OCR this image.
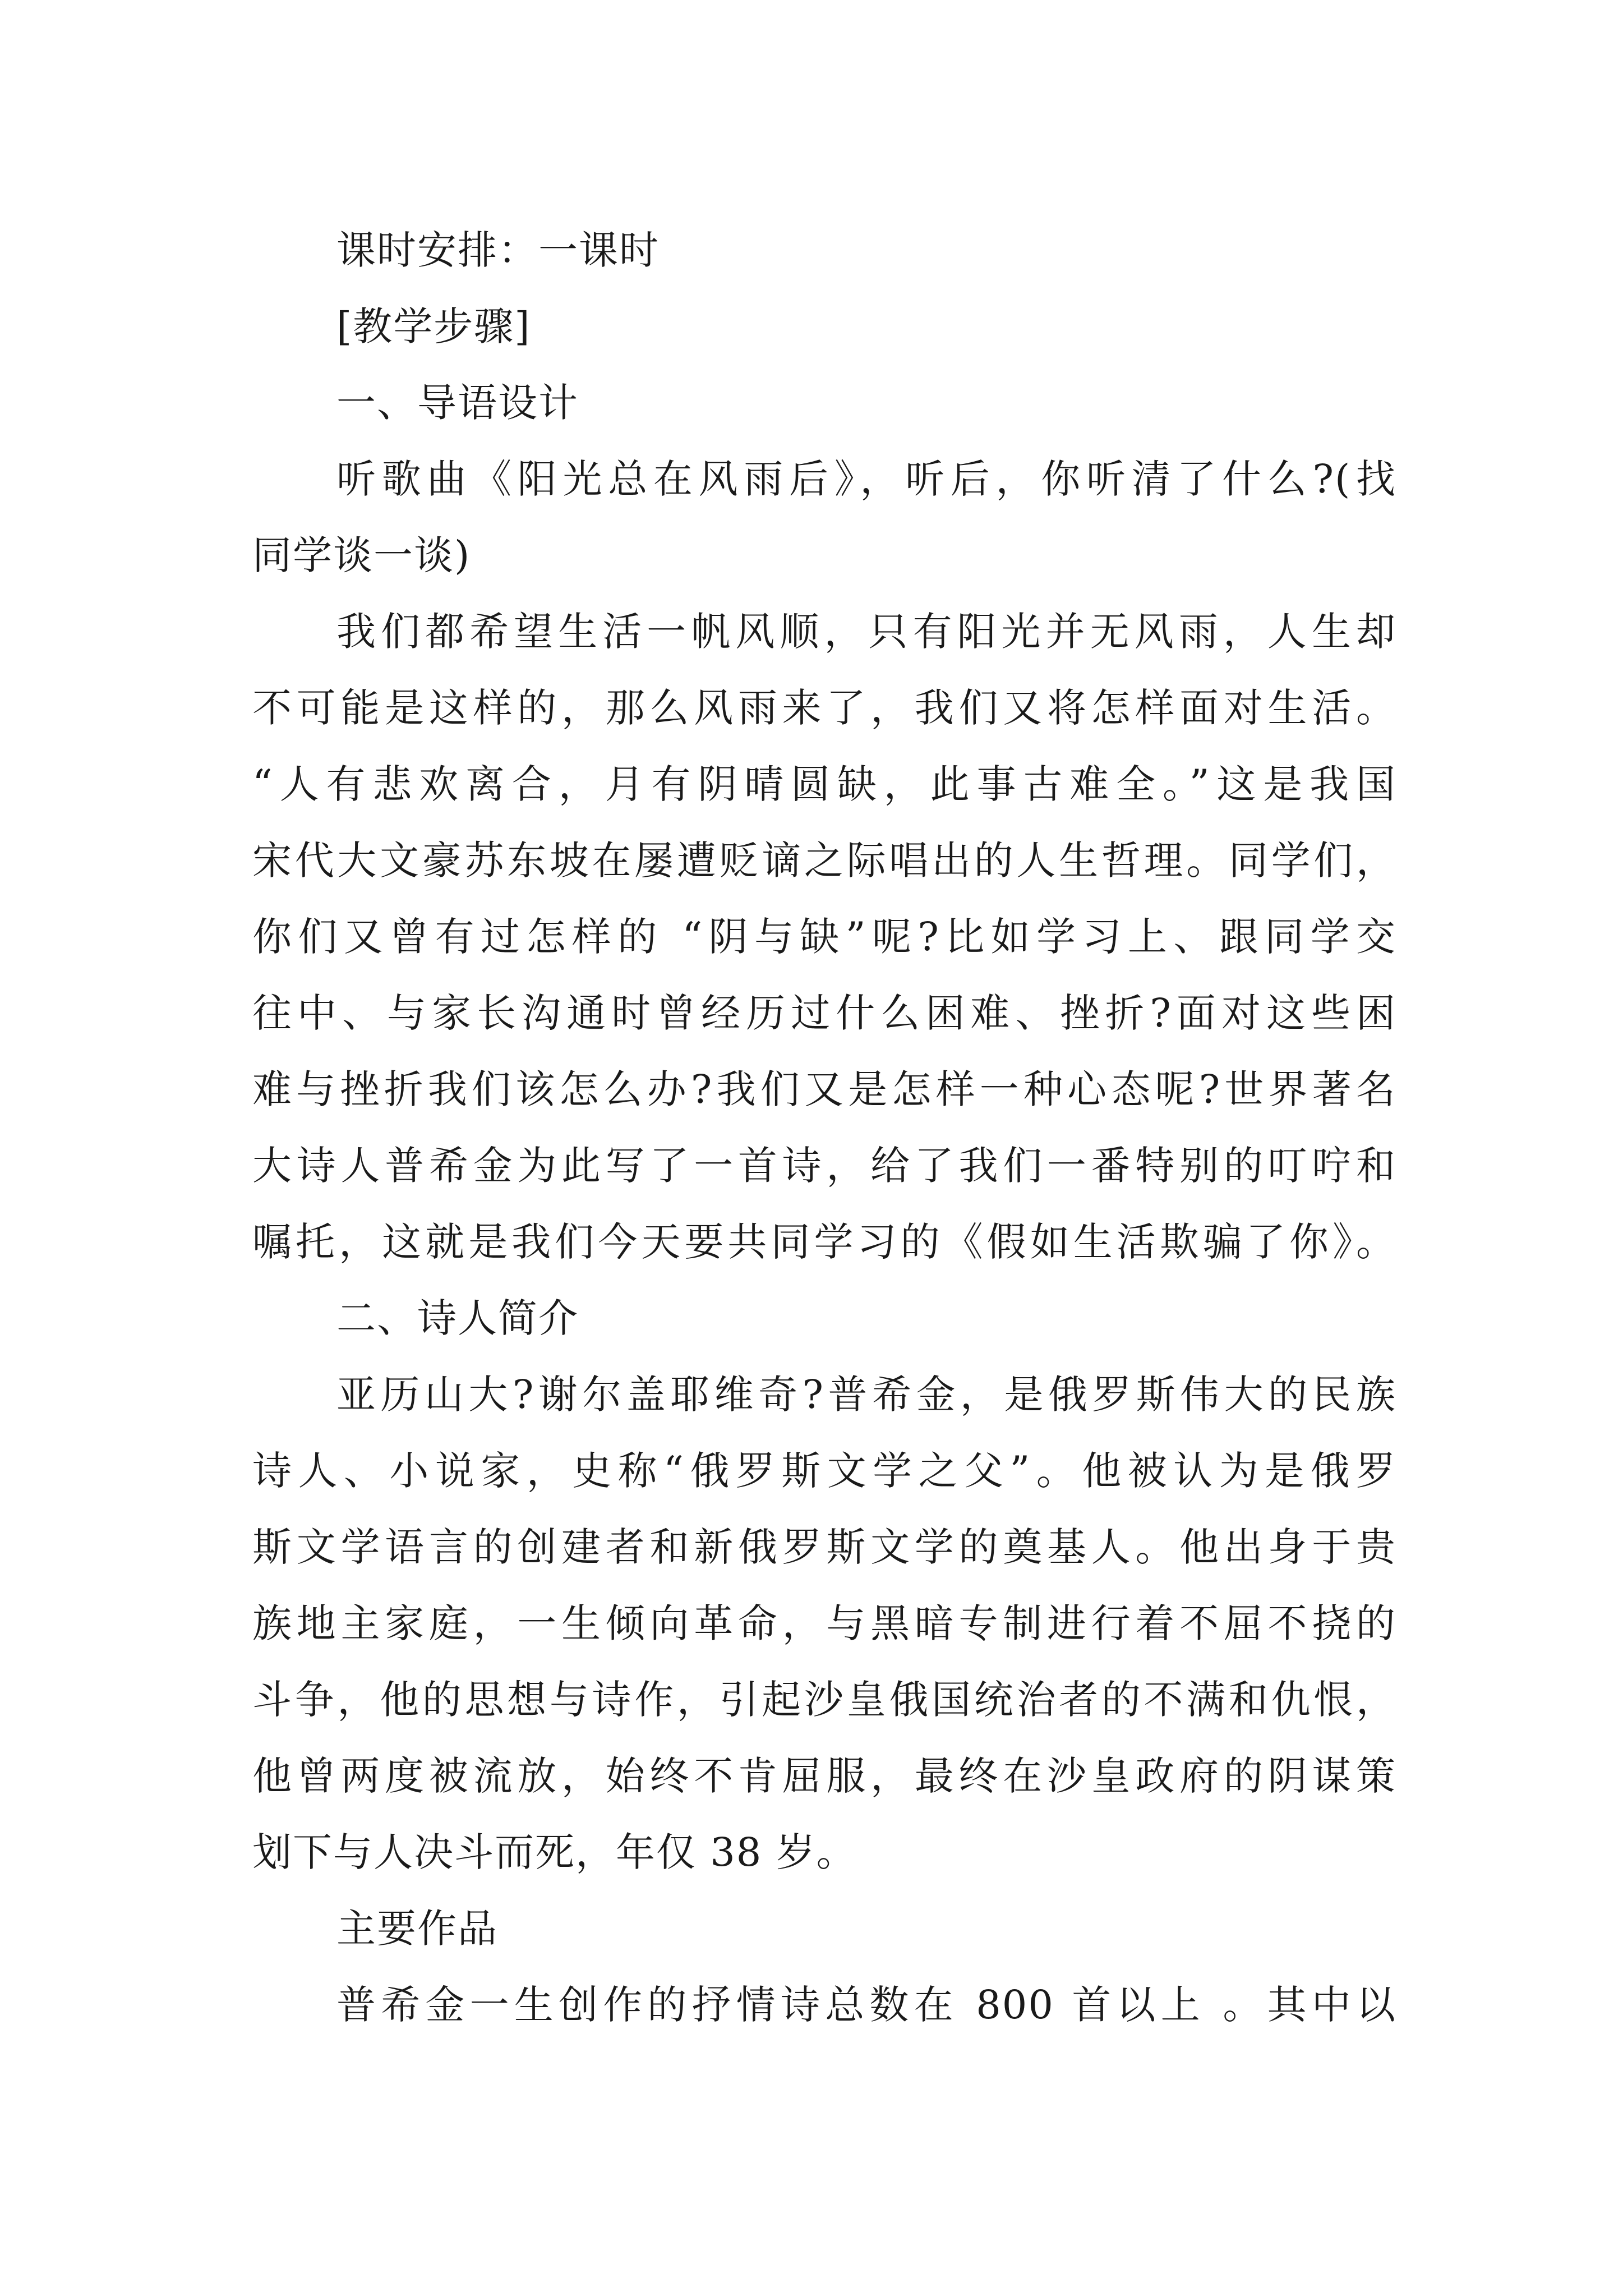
课时安排：一课时
[教学步骤]
一、导语设计
听歌曲《阳光总在风雨后》，听后，你听清了什么?(找
同学谈一谈)
我们都希望生活一帆风顺，只有阳光并无风雨，人生却
不可能是这样的，那么风雨来了，我们又将怎样面对生活。
“人有悲欢离合，月有阴晴圆缺，此事古难全。”这是我国
宋代大文豪苏东坡在屡遭贬谪之际唱出的人生哲理。同学们，
你们又曾有过怎样的 “阴与缺”呢?比如学习上、跟同学交
往中、与家长沟通时曾经历过什么困难、挫折?面对这些困
难与挫折我们该怎么办?我们又是怎样一种心态呢?世界著名
大诗人普希金为此写了一首诗，给了我们一番特别的叮咛和
嘱托，这就是我们今天要共同学习的《假如生活欺骗了你》。
二、诗人简介
亚历山大?谢尔盖耶维奇?普希金，是俄罗斯伟大的民族
诗人、小说家，史称“俄罗斯文学之父”。他被认为是俄罗
斯文学语言的创建者和新俄罗斯文学的奠基人。他出身于贵
族地主家庭，一生倾向革命，与黑暗专制进行着不屈不挠的
斗争，他的思想与诗作，引起沙皇俄国统治者的不满和仇恨，
他曾两度被流放，始终不肯屈服，最终在沙皇政府的阴谋策
划下与人决斗而死，年仅 38 岁。
主要作品
普希金一生创作的抒情诗总数在 800 首以上 。其中以
